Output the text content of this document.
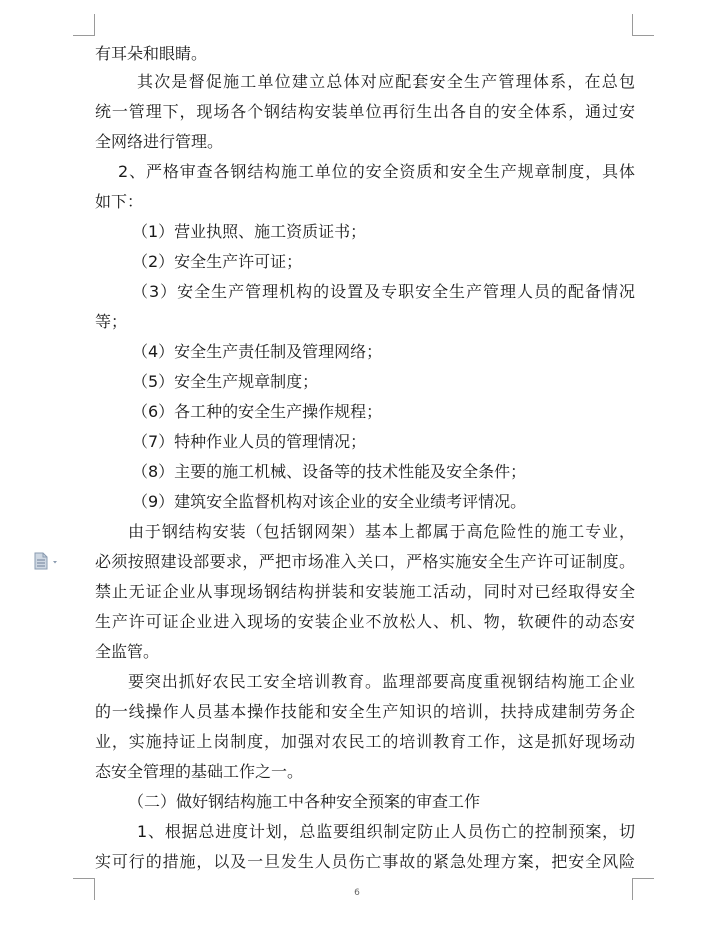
有耳朵和眼睛。
其次是督促施工单位建立总体对应配套安全生产管理体系，在总包
统一管理下，现场各个钢结构安装单位再衍生出各自的安全体系，通过安
全网络进行管理。
2、严格审查各钢结构施工单位的安全资质和安全生产规章制度，具体
如下：
（1）营业执照、施工资质证书；
（2）安全生产许可证；
（3）安全生产管理机构的设置及专职安全生产管理人员的配备情况
等；
（4）安全生产责任制及管理网络；
（5）安全生产规章制度；
（6）各工种的安全生产操作规程；
（7）特种作业人员的管理情况；
（8）主要的施工机械、设备等的技术性能及安全条件；
（9）建筑安全监督机构对该企业的安全业绩考评情况。
由于钢结构安装（包括钢网架）基本上都属于高危险性的施工专业，
必须按照建设部要求，严把市场准入关口，严格实施安全生产许可证制度。
禁止无证企业从事现场钢结构拼装和安装施工活动，同时对已经取得安全
生产许可证企业进入现场的安装企业不放松人、机、物，软硬件的动态安
全监管。
要突出抓好农民工安全培训教育。监理部要高度重视钢结构施工企业
的一线操作人员基本操作技能和安全生产知识的培训，扶持成建制劳务企
业，实施持证上岗制度，加强对农民工的培训教育工作，这是抓好现场动
态安全管理的基础工作之一。
（二）做好钢结构施工中各种安全预案的审查工作
1、根据总进度计划，总监要组织制定防止人员伤亡的控制预案，切
实可行的措施，以及一旦发生人员伤亡事故的紧急处理方案，把安全风险
6
